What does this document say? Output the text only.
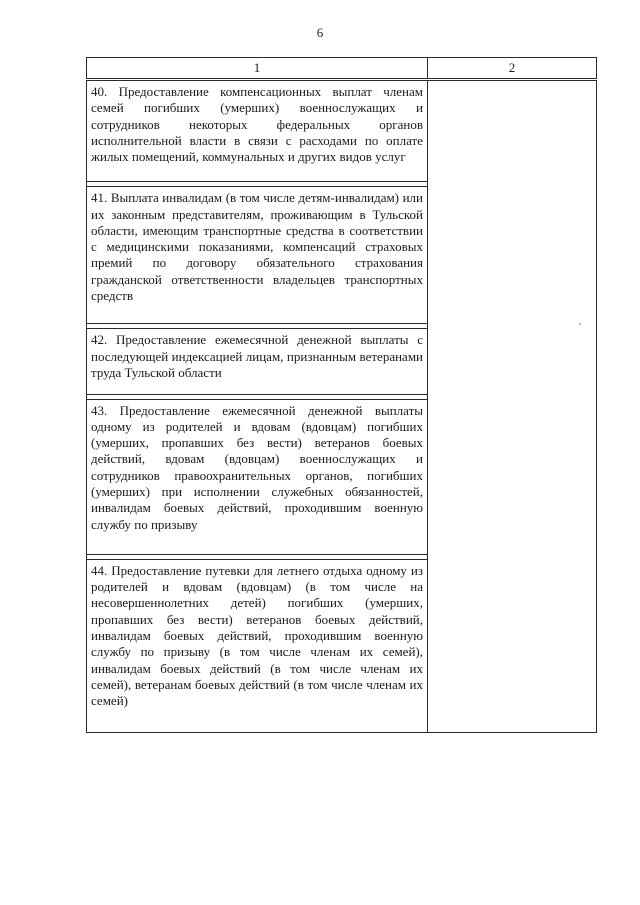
6
1	2

40. Предоставление компенсационных выплат членам семей погибших (умерших) военнослужащих и сотрудников некоторых федеральных органов исполнительной власти в связи с расходами по оплате жилых помещений, коммунальных и других видов услуг	

41. Выплата инвалидам (в том числе детям-инвалидам) или их законным представителям, проживающим в Тульской области, имеющим транспортные средства в соответствии с медицинскими показаниями, компенсаций страховых премий по договору обязательного страхования гражданской ответственности владельцев транспортных средств	

42. Предоставление ежемесячной денежной выплаты с последующей индексацией лицам, признанным ветеранами труда Тульской области	

43. Предоставление ежемесячной денежной выплаты одному из родителей и вдовам (вдовцам) погибших (умерших, пропавших без вести) ветеранов боевых действий, вдовам (вдовцам) военнослужащих и сотрудников правоохранительных органов, погибших (умерших) при исполнении служебных обязанностей, инвалидам боевых действий, проходившим военную службу по призыву	

44. Предоставление путевки для летнего отдыха одному из родителей и вдовам (вдовцам) (в том числе на несовершеннолетних детей) погибших (умерших, пропавших без вести) ветеранов боевых действий, инвалидам боевых действий, проходившим военную службу по призыву (в том числе членам их семей), инвалидам боевых действий (в том числе членам их семей), ветеранам боевых действий (в том числе членам их семей)	
'
